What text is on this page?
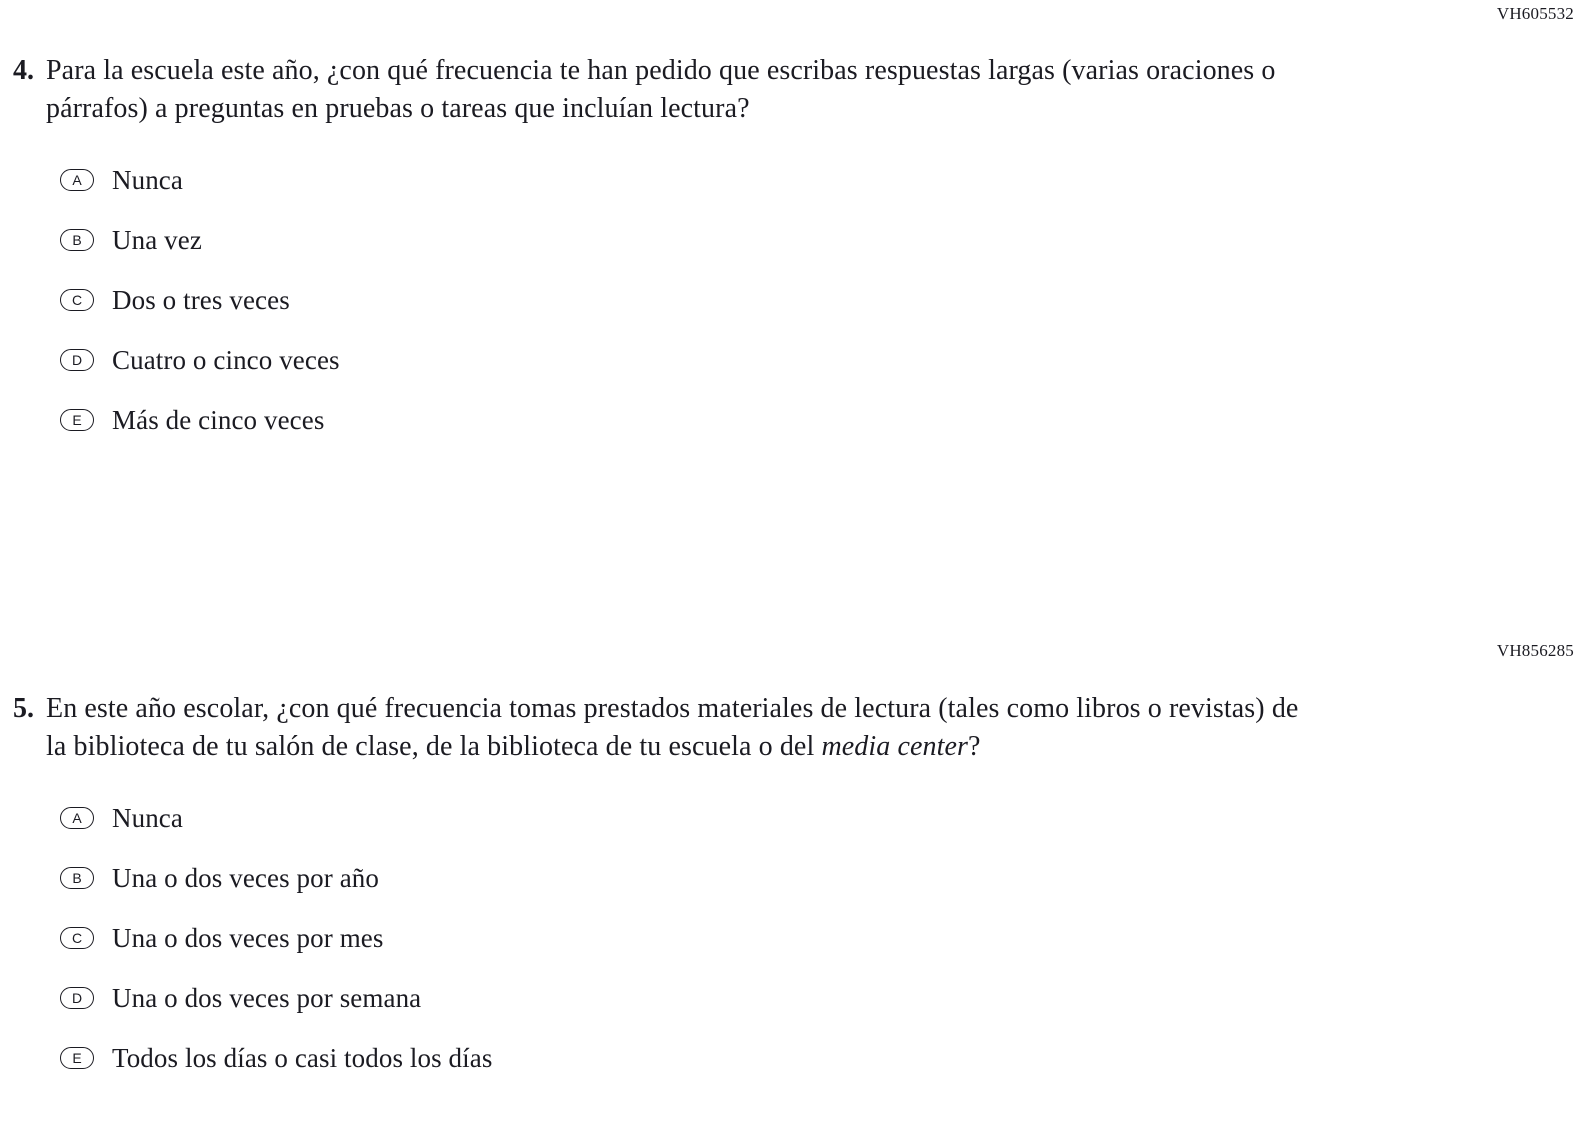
VH605532
4. Para la escuela este año, ¿con qué frecuencia te han pedido que escribas respuestas largas (varias oraciones o párrafos) a preguntas en pruebas o tareas que incluían lectura?
A	Nunca
B	Una vez
C	Dos o tres veces
D	Cuatro o cinco veces
E	Más de cinco veces
VH856285
5. En este año escolar, ¿con qué frecuencia tomas prestados materiales de lectura (tales como libros o revistas) de la biblioteca de tu salón de clase, de la biblioteca de tu escuela o del media center?
A	Nunca
B	Una o dos veces por año
C	Una o dos veces por mes
D	Una o dos veces por semana
E	Todos los días o casi todos los días
